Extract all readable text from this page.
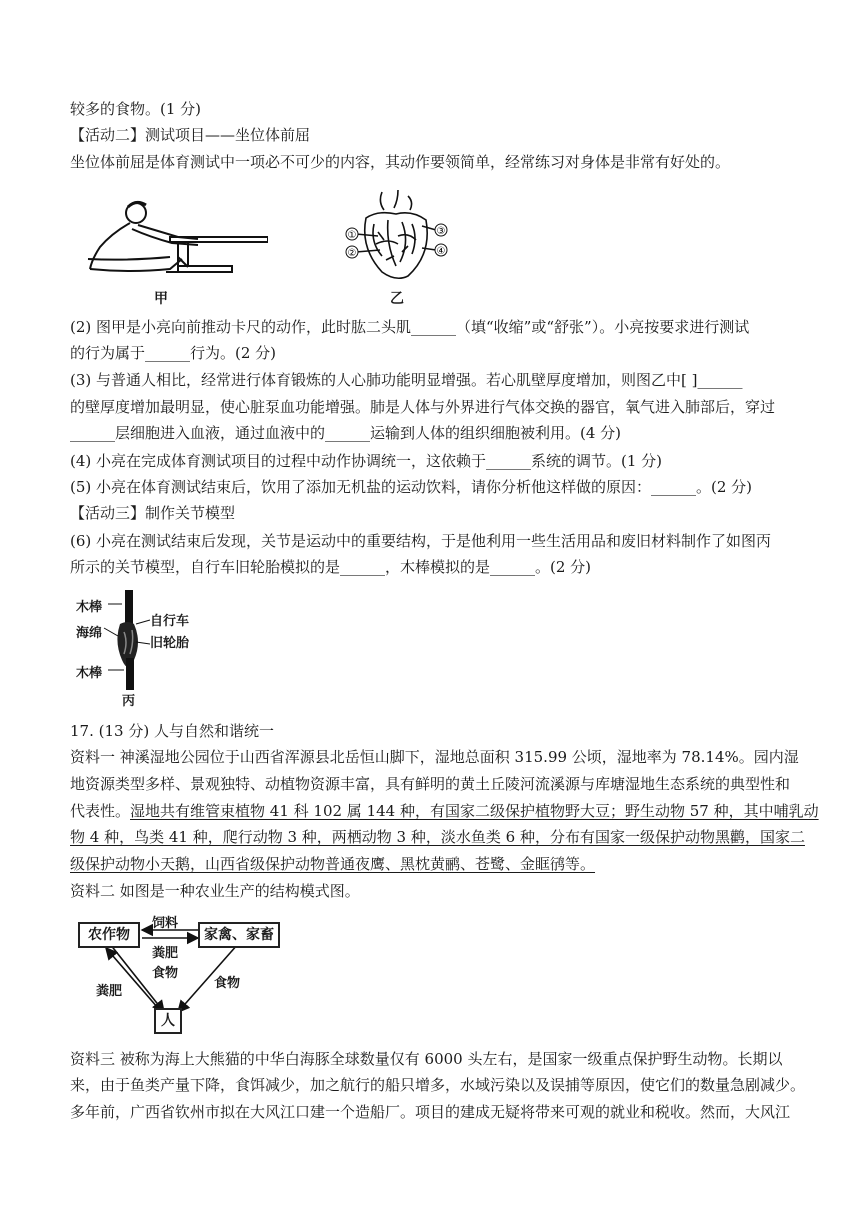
较多的食物。(1 分)
【活动二】测试项目——坐位体前屈
坐位体前屈是体育测试中一项必不可少的内容，其动作要领简单，经常练习对身体是非常有好处的。
甲
①
②
③
④
乙
(2) 图甲是小亮向前推动卡尺的动作，此时肱二头肌______（填“收缩”或“舒张”）。小亮按要求进行测试
的行为属于______行为。(2 分)
(3) 与普通人相比，经常进行体育锻炼的人心肺功能明显增强。若心肌壁厚度增加，则图乙中[ ]______
的壁厚度增加最明显，使心脏泵血功能增强。肺是人体与外界进行气体交换的器官，氧气进入肺部后，穿过
______层细胞进入血液，通过血液中的______运输到人体的组织细胞被利用。(4 分)
(4) 小亮在完成体育测试项目的过程中动作协调统一，这依赖于______系统的调节。(1 分)
(5) 小亮在体育测试结束后，饮用了添加无机盐的运动饮料，请你分析他这样做的原因：______。(2 分)
【活动三】制作关节模型
(6) 小亮在测试结束后发现，关节是运动中的重要结构，于是他利用一些生活用品和废旧材料制作了如图丙
所示的关节模型，自行车旧轮胎模拟的是______，木棒模拟的是______。(2 分)
木棒
海绵
自行车
旧轮胎
木棒
丙
17. (13 分) 人与自然和谐统一
资料一 神溪湿地公园位于山西省浑源县北岳恒山脚下，湿地总面积 315.99 公顷，湿地率为 78.14%。园内湿
地资源类型多样、景观独特、动植物资源丰富，具有鲜明的黄土丘陵河流溪源与库塘湿地生态系统的典型性和
代表性。湿地共有维管束植物 41 科 102 属 144 种，有国家二级保护植物野大豆；野生动物 57 种，其中哺乳动
物 4 种，鸟类 41 种，爬行动物 3 种，两栖动物 3 种，淡水鱼类 6 种，分布有国家一级保护动物黑鹳，国家二
级保护动物小天鹅，山西省级保护动物普通夜鹰、黑枕黄鹂、苍鹭、金眶鸻等。
资料二 如图是一种农业生产的结构模式图。
农作物	家禽、家畜
人
饲料
粪肥
食物
粪肥
食物
资料三 被称为海上大熊猫的中华白海豚全球数量仅有 6000 头左右，是国家一级重点保护野生动物。长期以
来，由于鱼类产量下降，食饵减少，加之航行的船只增多，水域污染以及误捕等原因，使它们的数量急剧减少。
多年前，广西省钦州市拟在大风江口建一个造船厂。项目的建成无疑将带来可观的就业和税收。然而，大风江
